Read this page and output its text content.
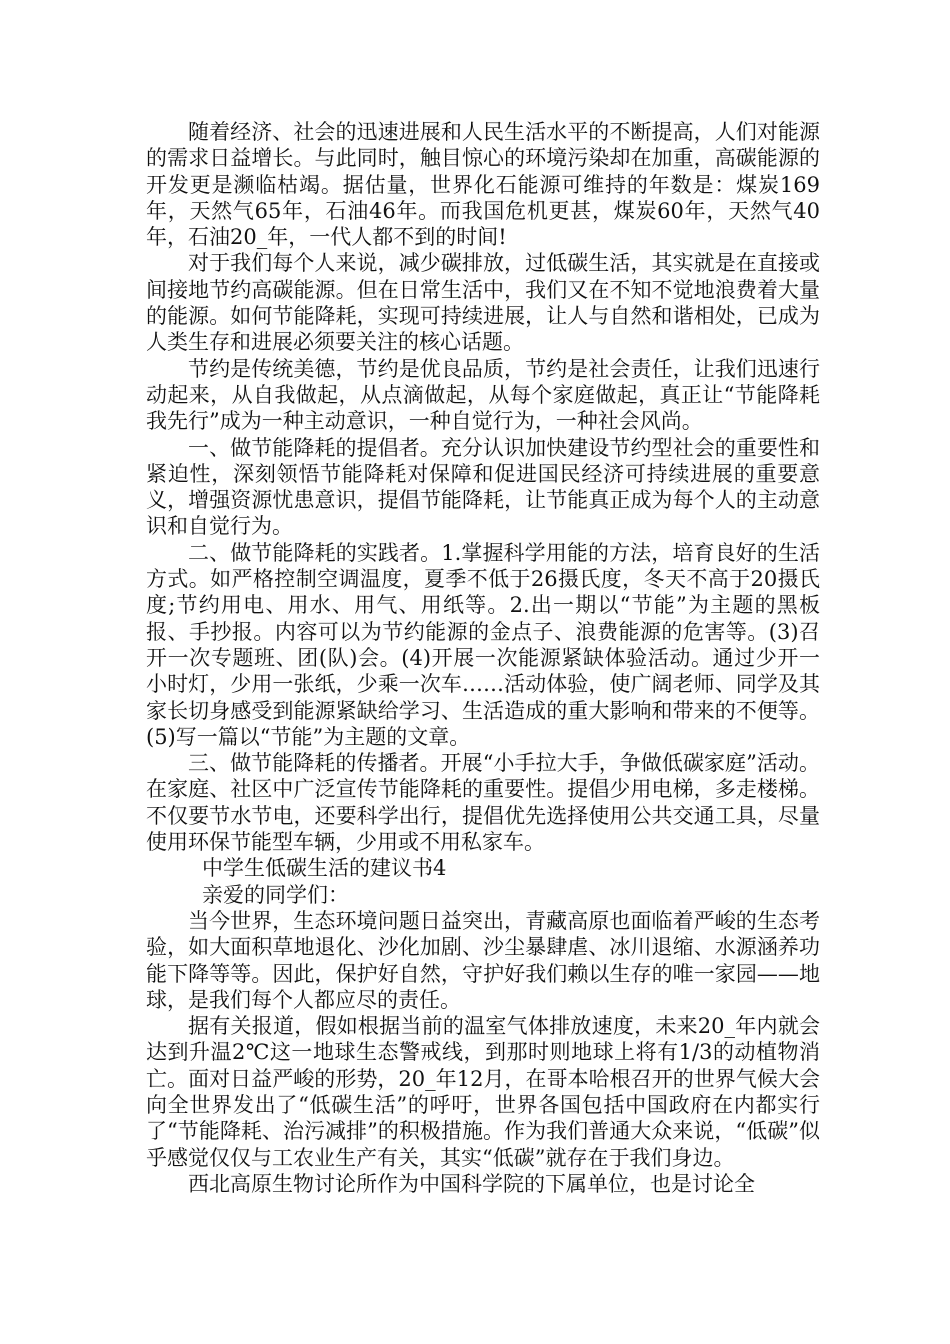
随着经济、社会的迅速进展和人民生活水平的不断提高，人们对能源的需求日益增长。与此同时，触目惊心的环境污染却在加重，高碳能源的开发更是濒临枯竭。据估量，世界化石能源可维持的年数是：煤炭169年，天然气65年，石油46年。而我国危机更甚，煤炭60年，天然气40年，石油20_年，一代人都不到的时间!

对于我们每个人来说，减少碳排放，过低碳生活，其实就是在直接或间接地节约高碳能源。但在日常生活中，我们又在不知不觉地浪费着大量的能源。如何节能降耗，实现可持续进展，让人与自然和谐相处，已成为人类生存和进展必须要关注的核心话题。

节约是传统美德，节约是优良品质，节约是社会责任，让我们迅速行动起来，从自我做起，从点滴做起，从每个家庭做起，真正让“节能降耗我先行”成为一种主动意识，一种自觉行为，一种社会风尚。

一、做节能降耗的提倡者。充分认识加快建设节约型社会的重要性和紧迫性，深刻领悟节能降耗对保障和促进国民经济可持续进展的重要意义，增强资源忧患意识，提倡节能降耗，让节能真正成为每个人的主动意识和自觉行为。

二、做节能降耗的实践者。1.掌握科学用能的方法，培育良好的生活方式。如严格控制空调温度，夏季不低于26摄氏度，冬天不高于20摄氏度;节约用电、用水、用气、用纸等。2.出一期以“节能”为主题的黑板报、手抄报。内容可以为节约能源的金点子、浪费能源的危害等。(3)召开一次专题班、团(队)会。(4)开展一次能源紧缺体验活动。通过少开一小时灯，少用一张纸，少乘一次车……活动体验，使广阔老师、同学及其家长切身感受到能源紧缺给学习、生活造成的重大影响和带来的不便等。(5)写一篇以“节能”为主题的文章。

三、做节能降耗的传播者。开展“小手拉大手，争做低碳家庭”活动。在家庭、社区中广泛宣传节能降耗的重要性。提倡少用电梯，多走楼梯。不仅要节水节电，还要科学出行，提倡优先选择使用公共交通工具，尽量使用环保节能型车辆，少用或不用私家车。

中学生低碳生活的建议书4

亲爱的同学们：

当今世界，生态环境问题日益突出，青藏高原也面临着严峻的生态考验，如大面积草地退化、沙化加剧、沙尘暴肆虐、冰川退缩、水源涵养功能下降等等。因此，保护好自然，守护好我们赖以生存的唯一家园——地球，是我们每个人都应尽的责任。

据有关报道，假如根据当前的温室气体排放速度，未来20_年内就会达到升温2℃这一地球生态警戒线，到那时则地球上将有1/3的动植物消亡。面对日益严峻的形势，20_年12月，在哥本哈根召开的世界气候大会向全世界发出了“低碳生活”的呼吁，世界各国包括中国政府在内都实行了“节能降耗、治污减排”的积极措施。作为我们普通大众来说，“低碳”似乎感觉仅仅与工农业生产有关，其实“低碳”就存在于我们身边。

西北高原生物讨论所作为中国科学院的下属单位，也是讨论全
